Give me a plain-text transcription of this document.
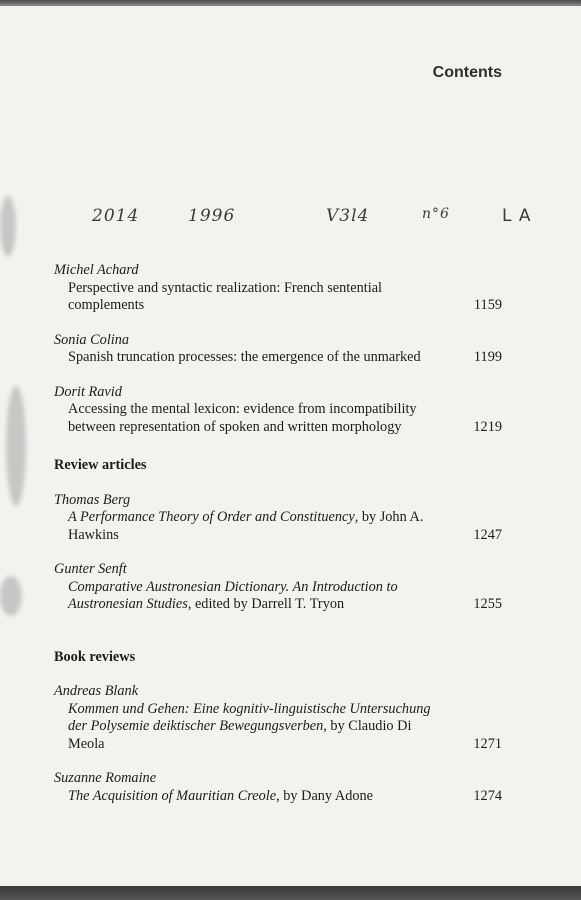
Contents
2014	1996	V3l4	n°6	L A
Michel Achard
Perspective and syntactic realization: French sentential complements	1159
Sonia Colina
Spanish truncation processes: the emergence of the unmarked	1199
Dorit Ravid
Accessing the mental lexicon: evidence from incompatibility between representation of spoken and written morphology	1219
Review articles
Thomas Berg
A Performance Theory of Order and Constituency, by John A. Hawkins	1247
Gunter Senft
Comparative Austronesian Dictionary. An Introduction to Austronesian Studies, edited by Darrell T. Tryon	1255
Book reviews
Andreas Blank
Kommen und Gehen: Eine kognitiv-linguistische Untersuchung der Polysemie deiktischer Bewegungsverben, by Claudio Di Meola	1271
Suzanne Romaine
The Acquisition of Mauritian Creole, by Dany Adone	1274
